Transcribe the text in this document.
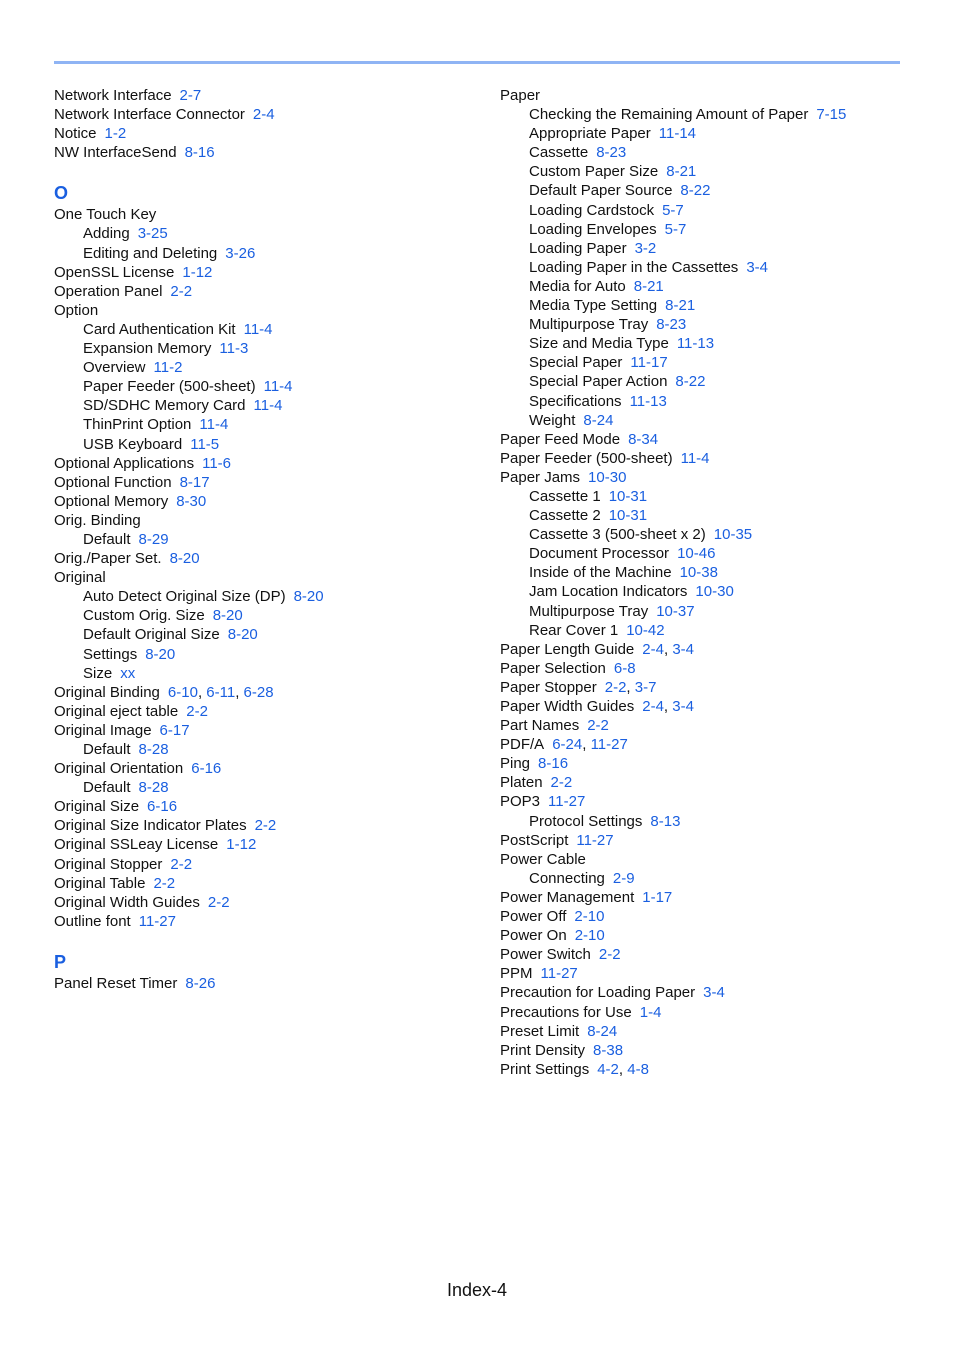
Network Interface 2-7
Network Interface Connector 2-4
Notice 1-2
NW InterfaceSend 8-16
O
One Touch Key
Adding 3-25
Editing and Deleting 3-26
OpenSSL License 1-12
Operation Panel 2-2
Option
Card Authentication Kit 11-4
Expansion Memory 11-3
Overview 11-2
Paper Feeder (500-sheet) 11-4
SD/SDHC Memory Card 11-4
ThinPrint Option 11-4
USB Keyboard 11-5
Optional Applications 11-6
Optional Function 8-17
Optional Memory 8-30
Orig. Binding
Default 8-29
Orig./Paper Set. 8-20
Original
Auto Detect Original Size (DP) 8-20
Custom Orig. Size 8-20
Default Original Size 8-20
Settings 8-20
Size xx
Original Binding 6-10, 6-11, 6-28
Original eject table 2-2
Original Image 6-17
Default 8-28
Original Orientation 6-16
Default 8-28
Original Size 6-16
Original Size Indicator Plates 2-2
Original SSLeay License 1-12
Original Stopper 2-2
Original Table 2-2
Original Width Guides 2-2
Outline font 11-27
P
Panel Reset Timer 8-26
Paper
Checking the Remaining Amount of Paper 7-15
Appropriate Paper 11-14
Cassette 8-23
Custom Paper Size 8-21
Default Paper Source 8-22
Loading Cardstock 5-7
Loading Envelopes 5-7
Loading Paper 3-2
Loading Paper in the Cassettes 3-4
Media for Auto 8-21
Media Type Setting 8-21
Multipurpose Tray 8-23
Size and Media Type 11-13
Special Paper 11-17
Special Paper Action 8-22
Specifications 11-13
Weight 8-24
Paper Feed Mode 8-34
Paper Feeder (500-sheet) 11-4
Paper Jams 10-30
Cassette 1 10-31
Cassette 2 10-31
Cassette 3 (500-sheet x 2) 10-35
Document Processor 10-46
Inside of the Machine 10-38
Jam Location Indicators 10-30
Multipurpose Tray 10-37
Rear Cover 1 10-42
Paper Length Guide 2-4, 3-4
Paper Selection 6-8
Paper Stopper 2-2, 3-7
Paper Width Guides 2-4, 3-4
Part Names 2-2
PDF/A 6-24, 11-27
Ping 8-16
Platen 2-2
POP3 11-27
Protocol Settings 8-13
PostScript 11-27
Power Cable
Connecting 2-9
Power Management 1-17
Power Off 2-10
Power On 2-10
Power Switch 2-2
PPM 11-27
Precaution for Loading Paper 3-4
Precautions for Use 1-4
Preset Limit 8-24
Print Density 8-38
Print Settings 4-2, 4-8
Index-4
